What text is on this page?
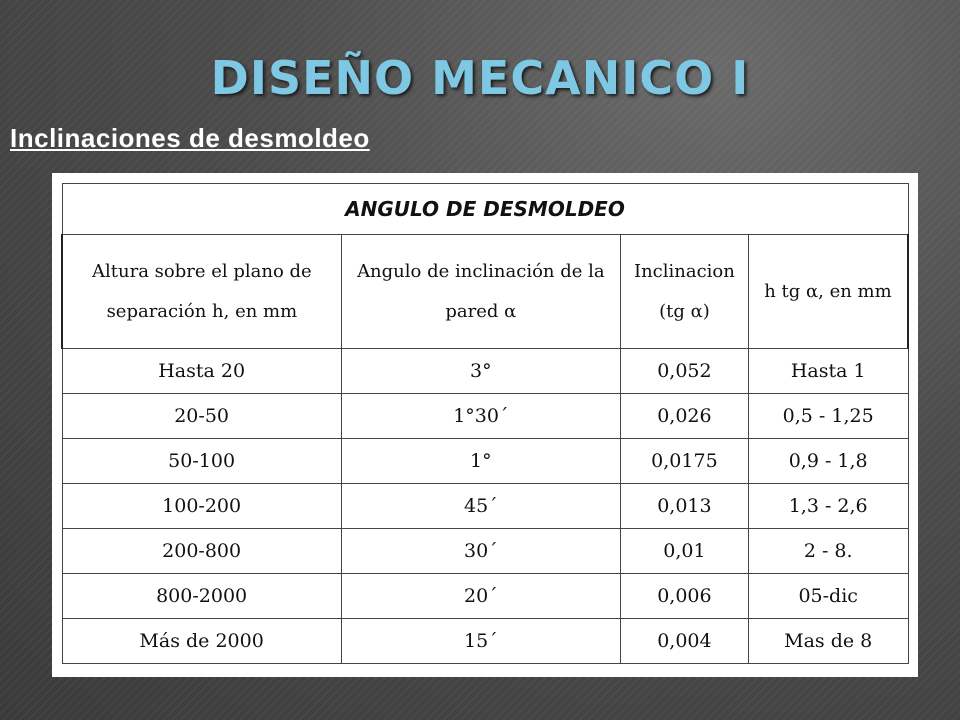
DISEÑO MECANICO I
Inclinaciones de desmoldeo
ANGULO DE DESMOLDEO			
Altura sobre el plano de separación h, en mm	Angulo de inclinación de la pared α	Inclinacion (tg α)	h tg α, en mm
Hasta 20	3°	0,052	Hasta 1
20-50	1°30´	0,026	0,5 - 1,25
50-100	1°	0,0175	0,9 - 1,8
100-200	45´	0,013	1,3 - 2,6
200-800	30´	0,01	2 - 8.
800-2000	20´	0,006	05-dic
Más de 2000	15´	0,004	Mas de 8
